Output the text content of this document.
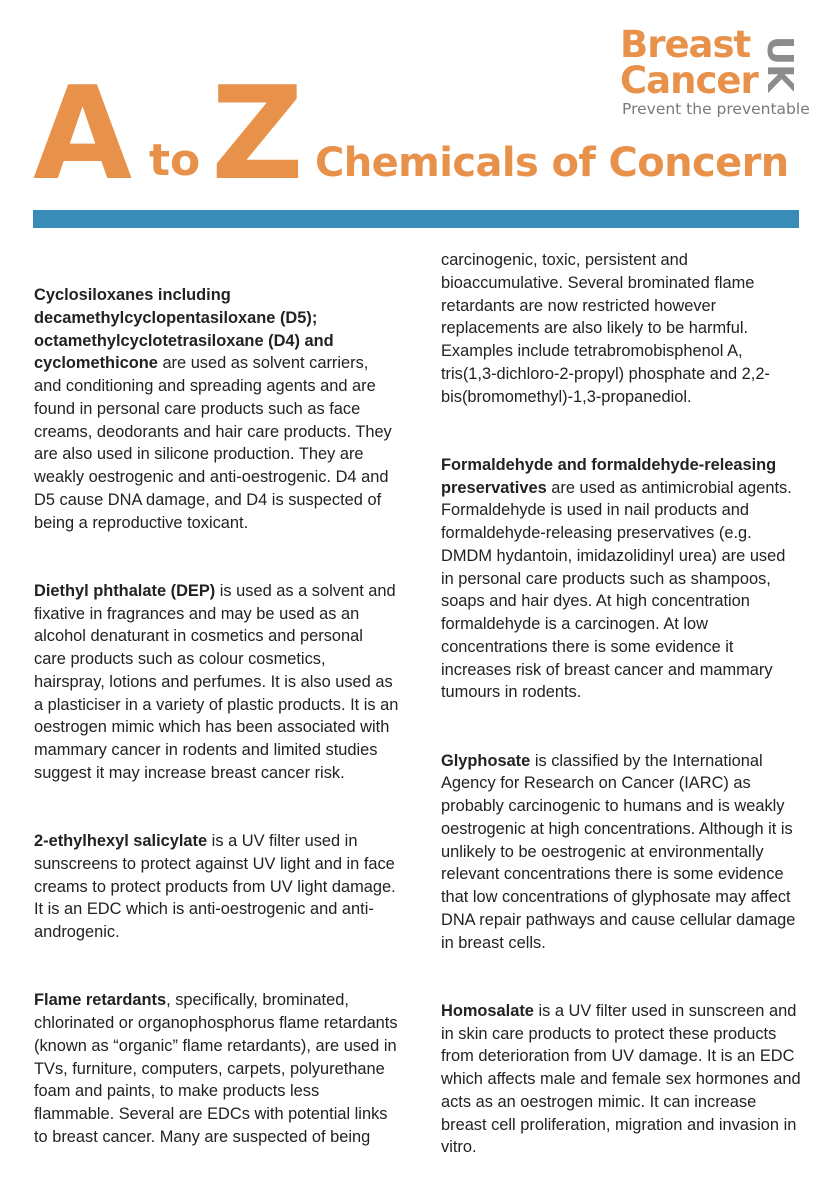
Breast
Cancer UK
Prevent the preventable
A to Z Chemicals of Concern

Cyclosiloxanes including decamethylcyclopentasiloxane (D5); octamethylcyclotetrasiloxane (D4) and cyclomethicone are used as solvent carriers, and conditioning and spreading agents and are found in personal care products such as face creams, deodorants and hair care products. They are also used in silicone production. They are weakly oestrogenic and anti-oestrogenic. D4 and D5 cause DNA damage, and D4 is suspected of being a reproductive toxicant.

Diethyl phthalate (DEP) is used as a solvent and fixative in fragrances and may be used as an alcohol denaturant in cosmetics and personal care products such as colour cosmetics, hairspray, lotions and perfumes. It is also used as a plasticiser in a variety of plastic products. It is an oestrogen mimic which has been associated with mammary cancer in rodents and limited studies suggest it may increase breast cancer risk.

2-ethylhexyl salicylate is a UV filter used in sunscreens to protect against UV light and in face creams to protect products from UV light damage. It is an EDC which is anti-oestrogenic and anti-androgenic.

Flame retardants, specifically, brominated, chlorinated or organophosphorus flame retardants (known as “organic” flame retardants), are used in TVs, furniture, computers, carpets, polyurethane foam and paints, to make products less flammable. Several are EDCs with potential links to breast cancer. Many are suspected of being

carcinogenic, toxic, persistent and bioaccumulative. Several brominated flame retardants are now restricted however replacements are also likely to be harmful. Examples include tetrabromobisphenol A, tris(1,3-dichloro-2-propyl) phosphate and 2,2-bis(bromomethyl)-1,3-propanediol.

Formaldehyde and formaldehyde-releasing preservatives are used as antimicrobial agents. Formaldehyde is used in nail products and formaldehyde-releasing preservatives (e.g. DMDM hydantoin, imidazolidinyl urea) are used in personal care products such as shampoos, soaps and hair dyes. At high concentration formaldehyde is a carcinogen. At low concentrations there is some evidence it increases risk of breast cancer and mammary tumours in rodents.

Glyphosate is classified by the International Agency for Research on Cancer (IARC) as probably carcinogenic to humans and is weakly oestrogenic at high concentrations. Although it is unlikely to be oestrogenic at environmentally relevant concentrations there is some evidence that low concentrations of glyphosate may affect DNA repair pathways and cause cellular damage in breast cells.

Homosalate is a UV filter used in sunscreen and in skin care products to protect these products from deterioration from UV damage. It is an EDC which affects male and female sex hormones and acts as an oestrogen mimic. It can increase breast cell proliferation, migration and invasion in vitro.
